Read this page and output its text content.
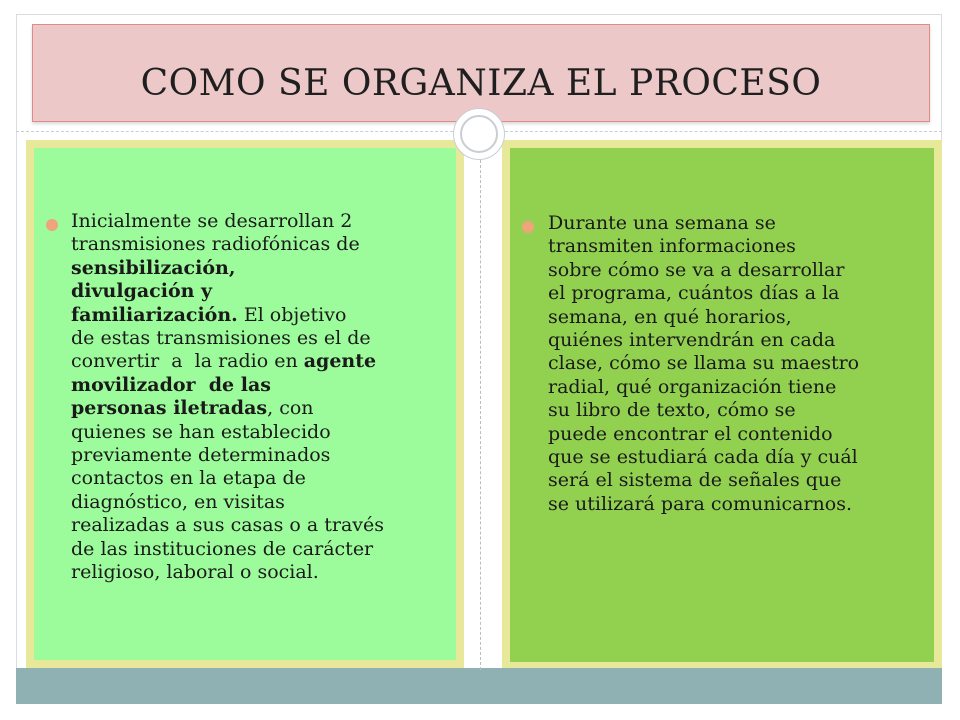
COMO SE ORGANIZA EL PROCESO
Inicialmente se desarrollan 2
transmisiones radiofónicas de
sensibilización,
divulgación y
familiarización. El objetivo
de estas transmisiones es el de
convertir  a  la radio en agente
movilizador  de las
personas iletradas, con
quienes se han establecido
previamente determinados
contactos en la etapa de
diagnóstico, en visitas
realizadas a sus casas o a través
de las instituciones de carácter
religioso, laboral o social.
Durante una semana se
transmiten informaciones
sobre cómo se va a desarrollar
el programa, cuántos días a la
semana, en qué horarios,
quiénes intervendrán en cada
clase, cómo se llama su maestro
radial, qué organización tiene
su libro de texto, cómo se
puede encontrar el contenido
que se estudiará cada día y cuál
será el sistema de señales que
se utilizará para comunicarnos.
